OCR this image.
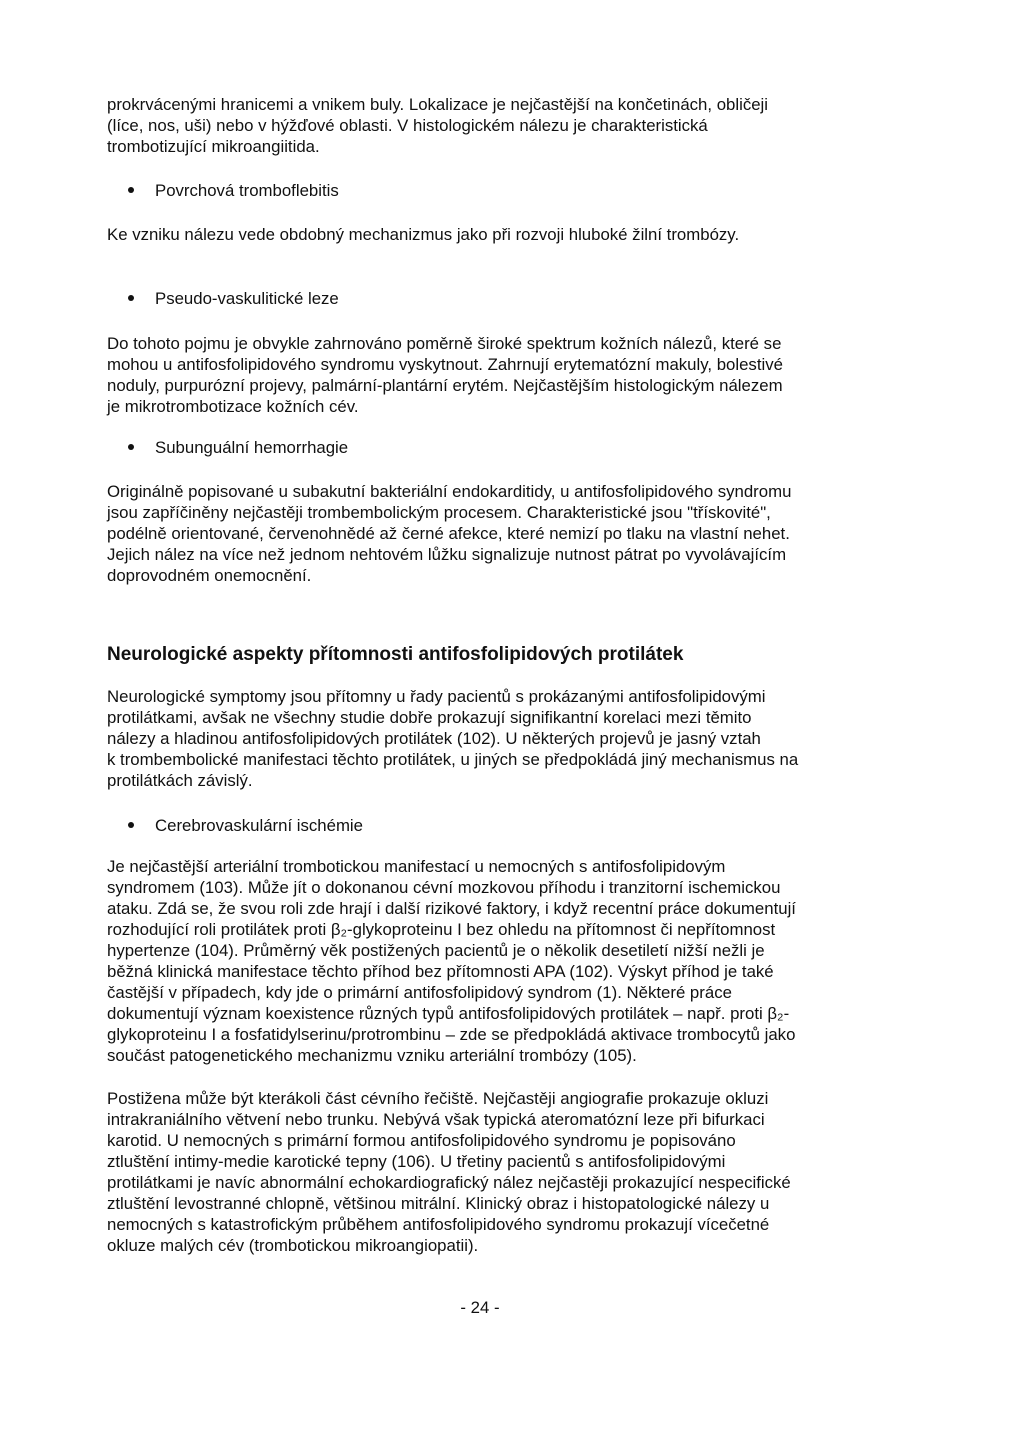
prokrvácenými hranicemi a vnikem buly. Lokalizace je nejčastější na končetinách, obličeji
(líce, nos, uši) nebo v hýžďové oblasti. V histologickém nálezu je charakteristická
trombotizující mikroangiitida.

Povrchová tromboflebitis

Ke vzniku nálezu vede obdobný mechanizmus jako při rozvoji hluboké žilní trombózy.

Pseudo-vaskulitické leze

Do tohoto pojmu je obvykle zahrnováno poměrně široké spektrum kožních nálezů, které se
mohou u antifosfolipidového syndromu vyskytnout. Zahrnují erytematózní makuly, bolestivé
noduly, purpurózní projevy, palmární-plantární erytém. Nejčastějším histologickým nálezem
je mikrotrombotizace kožních cév.

Subunguální hemorrhagie

Originálně popisované u subakutní bakteriální endokarditidy, u antifosfolipidového syndromu
jsou zapříčiněny nejčastěji trombembolickým procesem. Charakteristické jsou "třískovité",
podélně orientované, červenohnědé až černé afekce, které nemizí po tlaku na vlastní nehet.
Jejich nález na více než jednom nehtovém lůžku signalizuje nutnost pátrat po vyvolávajícím
doprovodném onemocnění.

Neurologické aspekty přítomnosti antifosfolipidových protilátek

Neurologické symptomy jsou přítomny u řady pacientů s prokázanými antifosfolipidovými
protilátkami, avšak ne všechny studie dobře prokazují signifikantní korelaci mezi těmito
nálezy a hladinou antifosfolipidových protilátek (102). U některých projevů je jasný vztah
k trombembolické manifestaci těchto protilátek, u jiných se předpokládá jiný mechanismus na
protilátkách závislý.

Cerebrovaskulární ischémie

Je nejčastější arteriální trombotickou manifestací u nemocných s antifosfolipidovým
syndromem (103). Může jít o dokonanou cévní mozkovou příhodu i tranzitorní ischemickou
ataku. Zdá se, že svou roli zde hrají i další rizikové faktory, i když recentní práce dokumentují
rozhodující roli protilátek proti β₂-glykoproteinu I bez ohledu na přítomnost či nepřítomnost
hypertenze (104). Průměrný věk postižených pacientů je o několik desetiletí nižší nežli je
běžná klinická manifestace těchto příhod bez přítomnosti APA (102). Výskyt příhod je také
častější v případech, kdy jde o primární antifosfolipidový syndrom (1). Některé práce
dokumentují význam koexistence různých typů antifosfolipidových protilátek – např. proti β₂-
glykoproteinu I a fosfatidylserinu/protrombinu – zde se předpokládá aktivace trombocytů jako
součást patogenetického mechanizmu vzniku arteriální trombózy (105).

Postižena může být kterákoli část cévního řečiště. Nejčastěji angiografie prokazuje okluzi
intrakraniálního větvení nebo trunku. Nebývá však typická ateromatózní leze při bifurkaci
karotid. U nemocných s primární formou antifosfolipidového syndromu je popisováno
ztluštění intimy-medie karotické tepny (106). U třetiny pacientů s antifosfolipidovými
protilátkami je navíc abnormální echokardiografický nález nejčastěji prokazující nespecifické
ztluštění levostranné chlopně, většinou mitrální. Klinický obraz i histopatologické nálezy u
nemocných s katastrofickým průběhem antifosfolipidového syndromu prokazují vícečetné
okluze malých cév (trombotickou mikroangiopatii).

- 24 -
